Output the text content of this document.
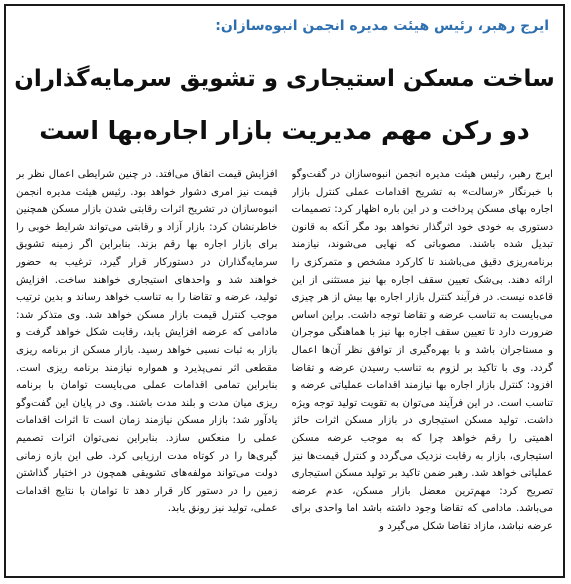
ایرج رهبر، رئیس هیئت مدیره انجمن انبوه‌سازان:
ساخت مسکن استیجاری و تشویق سرمایه‌گذاران
دو رکن مهم مدیریت بازار اجاره‌بها است

ایرج رهبر، رئیس هیئت مدیره انجمن انبوه‌سازان در گفت‌وگو با خبرنگار «رسالت» به تشریح اقدامات عملی کنترل بازار اجاره بهای مسکن پرداخت و در این باره اظهار کرد: تصمیمات دستوری به خودی خود اثرگذار نخواهد بود مگر آنکه به قانون تبدیل شده باشند. مصوباتی که نهایی می‌شوند، نیازمند برنامه‌ریزی دقیق می‌باشند تا کارکرد مشخص و متمرکزی را ارائه دهند. بی‌شک تعیین سقف اجاره بها نیز مستثنی از این قاعده نیست. در فرآیند کنترل بازار اجاره بها بیش از هر چیزی می‌بایست به تناسب عرضه و تقاضا توجه داشت. براین اساس ضرورت دارد تا تعیین سقف اجاره بها نیز با هماهنگی موجران و مستاجران باشد و با بهره‌گیری از توافق نظر آن‌ها اعمال گردد. وی با تاکید بر لزوم به تناسب رسیدن عرضه و تقاضا افزود: کنترل بازار اجاره بها نیازمند اقدامات عملیاتی عرضه و تناسب است. در این فرآیند می‌توان به تقویت تولید توجه ویژه داشت. تولید مسکن استیجاری در بازار مسکن اثرات حائز اهمیتی را رقم خواهد چرا که به موجب عرضه مسکن استیجاری، بازار به رقابت نزدیک می‌گردد و کنترل قیمت‌ها نیز عملیاتی خواهد شد. رهبر ضمن تاکید بر تولید مسکن استیجاری تصریح کرد: مهم‌ترین معضل بازار مسکن، عدم عرضه می‌باشد. مادامی که تقاضا وجود داشته باشد اما واحدی برای عرضه نباشد، مازاد تقاضا شکل می‌گیرد و

افزایش قیمت اتفاق می‌افتد. در چنین شرایطی اعمال نظر بر قیمت نیز امری دشوار خواهد بود. رئیس هیئت مدیره انجمن انبوه‌سازان در تشریح اثرات رقابتی شدن بازار مسکن همچنین خاطرنشان کرد: بازار آزاد و رقابتی می‌تواند شرایط خوبی را برای بازار اجاره بها رقم بزند. بنابراین اگر زمینه تشویق سرمایه‌گذاران در دستورکار قرار گیرد، ترغیب به حضور خواهند شد و واحدهای استیجاری خواهند ساخت. افزایش تولید، عرضه و تقاضا را به تناسب خواهد رساند و بدین ترتیب موجب کنترل قیمت بازار مسکن خواهد شد. وی متذکر شد: مادامی که عرضه افزایش یابد، رقابت شکل خواهد گرفت و بازار به ثبات نسبی خواهد رسید. بازار مسکن از برنامه ریزی مقطعی اثر نمی‌پذیرد و همواره نیازمند برنامه ریزی است. بنابراین تمامی اقدامات عملی می‌بایست توامان با برنامه ریزی میان مدت و بلند مدت باشند. وی در پایان این گفت‌وگو یادآور شد: بازار مسکن نیازمند زمان است تا اثرات اقدامات عملی را منعکس سازد. بنابراین نمی‌توان اثرات تصمیم گیری‌ها را در کوتاه مدت ارزیابی کرد. طی این بازه زمانی دولت می‌تواند مولفه‌های تشویقی همچون در اختیار گذاشتن زمین را در دستور کار قرار دهد تا توامان با نتایج اقدامات عملی، تولید نیز رونق یابد.
